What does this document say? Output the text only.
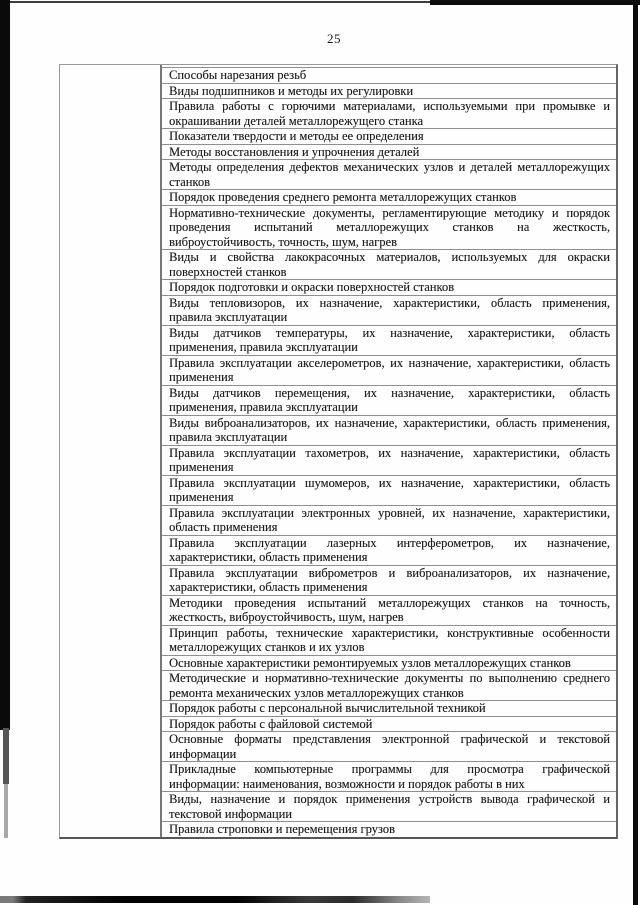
25
Способы нарезания резьб
Виды подшипников и методы их регулировки
Правила работы с горючими материалами, используемыми при промывке и
окрашивании деталей металлорежущего станка
Показатели твердости и методы ее определения
Методы восстановления и упрочнения деталей
Методы определения дефектов механических узлов и деталей металлорежущих
станков
Порядок проведения среднего ремонта металлорежущих станков
Нормативно-технические документы, регламентирующие методику и порядок
проведения испытаний металлорежущих станков на жесткость,
виброустойчивость, точность, шум, нагрев
Виды и свойства лакокрасочных материалов, используемых для окраски
поверхностей станков
Порядок подготовки и окраски поверхностей станков
Виды тепловизоров, их назначение, характеристики, область применения,
правила эксплуатации
Виды датчиков температуры, их назначение, характеристики, область
применения, правила эксплуатации
Правила эксплуатации акселерометров, их назначение, характеристики, область
применения
Виды датчиков перемещения, их назначение, характеристики, область
применения, правила эксплуатации
Виды виброанализаторов, их назначение, характеристики, область применения,
правила эксплуатации
Правила эксплуатации тахометров, их назначение, характеристики, область
применения
Правила эксплуатации шумомеров, их назначение, характеристики, область
применения
Правила эксплуатации электронных уровней, их назначение, характеристики,
область применения
Правила эксплуатации лазерных интерферометров, их назначение,
характеристики, область применения
Правила эксплуатации виброметров и виброанализаторов, их назначение,
характеристики, область применения
Методики проведения испытаний металлорежущих станков на точность,
жесткость, виброустойчивость, шум, нагрев
Принцип работы, технические характеристики, конструктивные особенности
металлорежущих станков и их узлов
Основные характеристики ремонтируемых узлов металлорежущих станков
Методические и нормативно-технические документы по выполнению среднего
ремонта механических узлов металлорежущих станков
Порядок работы с персональной вычислительной техникой
Порядок работы с файловой системой
Основные форматы представления электронной графической и текстовой
информации
Прикладные компьютерные программы для просмотра графической
информации: наименования, возможности и порядок работы в них
Виды, назначение и порядок применения устройств вывода графической и
текстовой информации
Правила строповки и перемещения грузов
